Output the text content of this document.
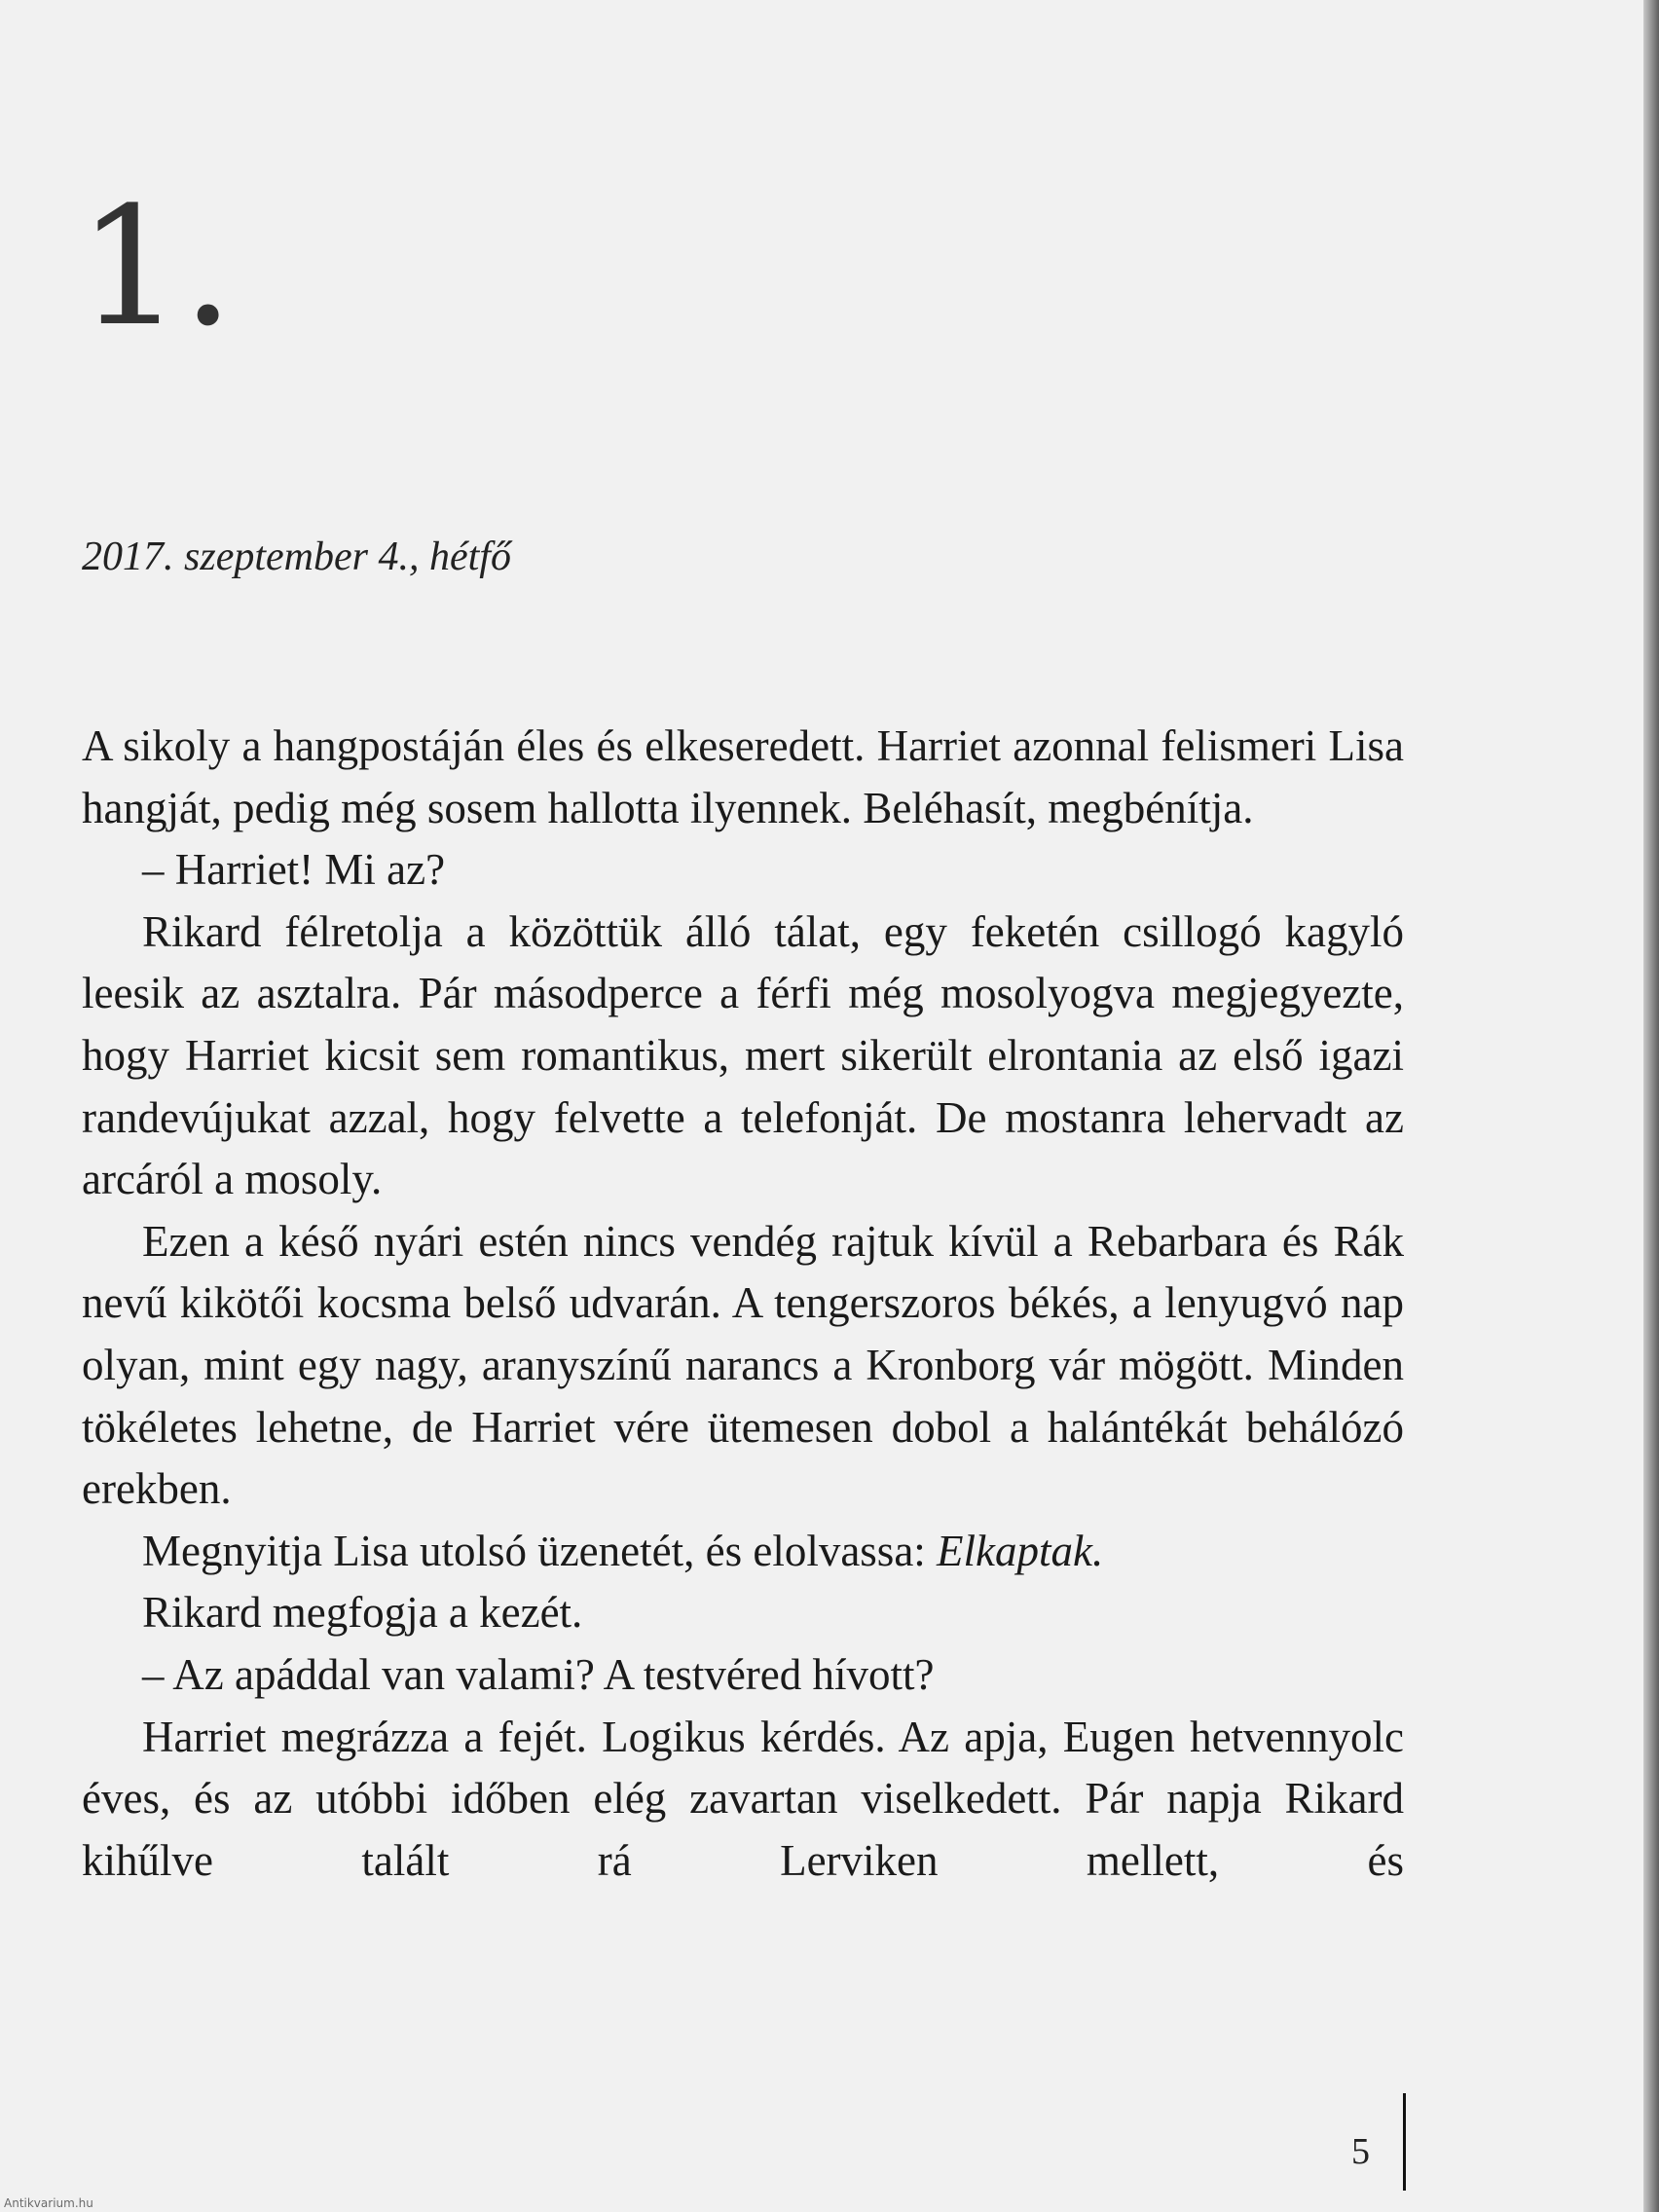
1.
2017. szeptember 4., hétfő

A sikoly a hangpostáján éles és elkeseredett. Harriet azonnal felismeri Lisa hangját, pedig még sosem hallotta ilyennek. Beléhasít, megbénítja.

– Harriet! Mi az?

Rikard félretolja a közöttük álló tálat, egy feketén csillogó kagyló leesik az asztalra. Pár másodperce a férfi még mosolyogva megjegyezte, hogy Harriet kicsit sem romantikus, mert sikerült elrontania az első igazi randevújukat azzal, hogy felvette a telefonját. De mostanra lehervadt az arcáról a mosoly.

Ezen a késő nyári estén nincs vendég rajtuk kívül a Rebarbara és Rák nevű kikötői kocsma belső udvarán. A tengerszoros békés, a lenyugvó nap olyan, mint egy nagy, aranyszínű narancs a Kronborg vár mögött. Minden tökéletes lehetne, de Harriet vére ütemesen dobol a halántékát behálózó erekben.

Megnyitja Lisa utolsó üzenetét, és elolvassa: Elkaptak.

Rikard megfogja a kezét.

– Az apáddal van valami? A testvéred hívott?

Harriet megrázza a fejét. Logikus kérdés. Az apja, Eugen hetvennyolc éves, és az utóbbi időben elég zavartan viselkedett. Pár napja Rikard kihűlve talált rá Lerviken mellett, és

5
Antikvarium.hu
